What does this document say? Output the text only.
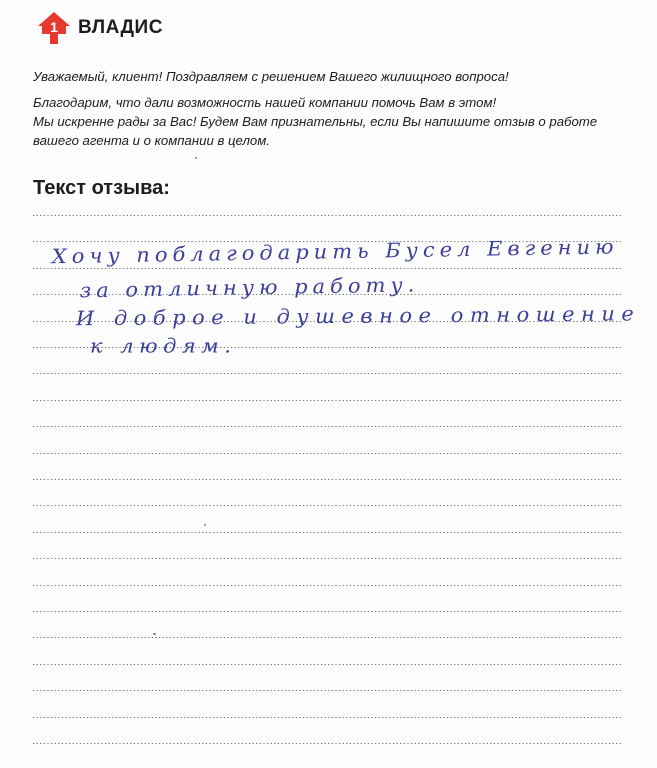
1 ВЛАДИС

Уважаемый, клиент! Поздравляем с решением Вашего жилищного вопроса!

Благодарим, что дали возможность нашей компании помочь Вам в этом!

Мы искренне рады за Вас! Будем Вам признательны, если Вы напишите отзыв о работе

вашего агента и о компании в целом.

Текст отзыва:
Хочу поблагодарить Бусел Евгению
за отличную работу.
И доброе и душевное отношение
к людям.
